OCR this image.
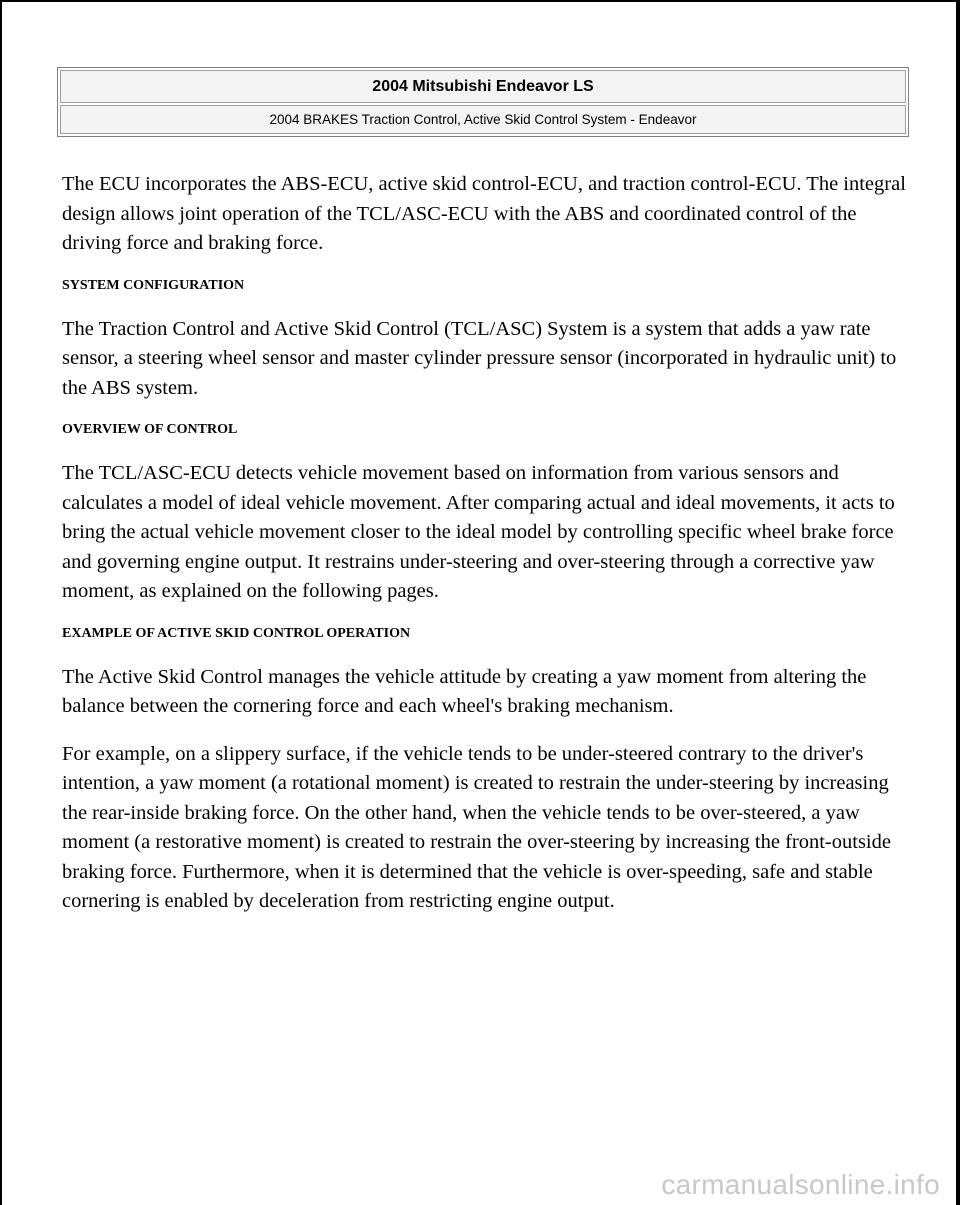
2004 Mitsubishi Endeavor LS
2004 BRAKES Traction Control, Active Skid Control System - Endeavor

The ECU incorporates the ABS-ECU, active skid control-ECU, and traction control-ECU. The integral design allows joint operation of the TCL/ASC-ECU with the ABS and coordinated control of the driving force and braking force.

SYSTEM CONFIGURATION

The Traction Control and Active Skid Control (TCL/ASC) System is a system that adds a yaw rate sensor, a steering wheel sensor and master cylinder pressure sensor (incorporated in hydraulic unit) to the ABS system.

OVERVIEW OF CONTROL

The TCL/ASC-ECU detects vehicle movement based on information from various sensors and calculates a model of ideal vehicle movement. After comparing actual and ideal movements, it acts to bring the actual vehicle movement closer to the ideal model by controlling specific wheel brake force and governing engine output. It restrains under-steering and over-steering through a corrective yaw moment, as explained on the following pages.

EXAMPLE OF ACTIVE SKID CONTROL OPERATION

The Active Skid Control manages the vehicle attitude by creating a yaw moment from altering the balance between the cornering force and each wheel's braking mechanism.

For example, on a slippery surface, if the vehicle tends to be under-steered contrary to the driver's intention, a yaw moment (a rotational moment) is created to restrain the under-steering by increasing the rear-inside braking force. On the other hand, when the vehicle tends to be over-steered, a yaw moment (a restorative moment) is created to restrain the over-steering by increasing the front-outside braking force. Furthermore, when it is determined that the vehicle is over-speeding, safe and stable cornering is enabled by deceleration from restricting engine output.

carmanualsonline.info
